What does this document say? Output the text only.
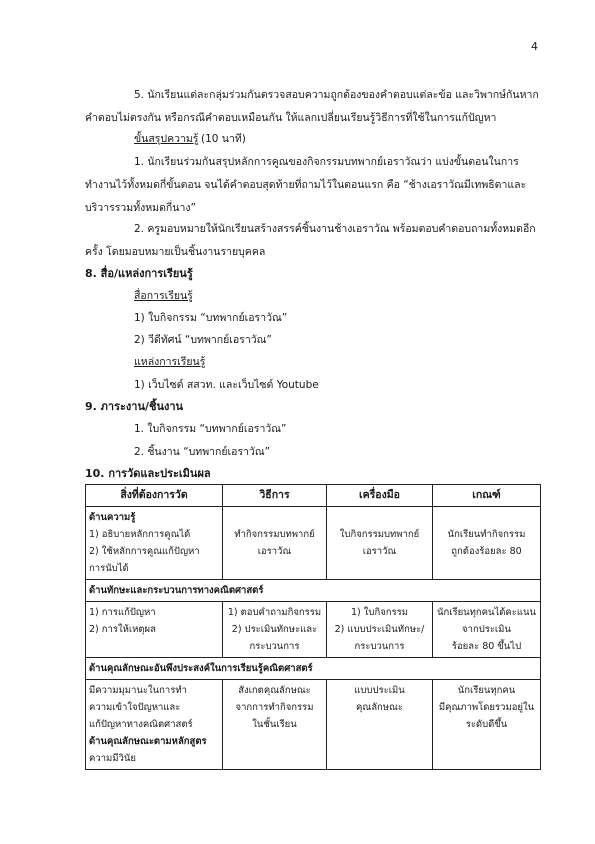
4
5. นักเรียนแต่ละกลุ่มร่วมกันตรวจสอบความถูกต้องของคำตอบแต่ละข้อ และวิพากษ์กันหาก
คำตอบไม่ตรงกัน หรือกรณีคำตอบเหมือนกัน ให้แลกเปลี่ยนเรียนรู้วิธีการที่ใช้ในการแก้ปัญหา
ขั้นสรุปความรู้ (10 นาที)
1. นักเรียนร่วมกันสรุปหลักการคูณของกิจกรรมบทพากย์เอราวัณว่า แบ่งขั้นตอนในการ
ทำงานไว้ทั้งหมดกี่ขั้นตอน จนได้คำตอบสุดท้ายที่ถามไว้ในตอนแรก คือ “ช้างเอราวัณมีเทพธิดาและ
บริวารรวมทั้งหมดกี่นาง”
2. ครูมอบหมายให้นักเรียนสร้างสรรค์ชิ้นงานช้างเอราวัณ พร้อมตอบคำตอบถามทั้งหมดอีก
ครั้ง โดยมอบหมายเป็นชิ้นงานรายบุคคล
8. สื่อ/แหล่งการเรียนรู้
สื่อการเรียนรู้
1) ใบกิจกรรม “บทพากย์เอราวัณ”
2) วีดีทัศน์ “บทพากย์เอราวัณ”
แหล่งการเรียนรู้
1) เว็บไซต์ สสวท. และเว็บไซต์ Youtube
9. ภาระงาน/ชิ้นงาน
1. ใบกิจกรรม “บทพากย์เอราวัณ”
2. ชิ้นงาน “บทพากย์เอราวัณ”
10. การวัดและประเมินผล
สิ่งที่ต้องการวัด	วิธีการ	เครื่องมือ	เกณฑ์

ด้านความรู้
1) อธิบายหลักการคูณได้
2) ใช้หลักการคูณแก้ปัญหา
การนับได้	ทำกิจกรรมบทพากย์
เอราวัณ	ใบกิจกรรมบทพากย์
เอราวัณ	นักเรียนทำกิจกรรม
ถูกต้องร้อยละ 80

ด้านทักษะและกระบวนการทางคณิตศาสตร์			

1) การแก้ปัญหา
2) การให้เหตุผล	1) ตอบคำถามกิจกรรม
2) ประเมินทักษะและ
กระบวนการ	1) ใบกิจกรรม
2) แบบประเมินทักษะ/
กระบวนการ	นักเรียนทุกคนได้คะแนน
จากประเมิน
ร้อยละ 80 ขึ้นไป

ด้านคุณลักษณะอันพึงประสงค์ในการเรียนรู้คณิตศาสตร์			

มีความมุมานะในการทำ
ความเข้าใจปัญหาและ
แก้ปัญหาทางคณิตศาสตร์
ด้านคุณลักษณะตามหลักสูตร
ความมีวินัย	สังเกตคุณลักษณะ
จากการทำกิจกรรม
ในชั้นเรียน	แบบประเมิน
คุณลักษณะ	นักเรียนทุกคน
มีคุณภาพโดยรวมอยู่ใน
ระดับดีขึ้น
